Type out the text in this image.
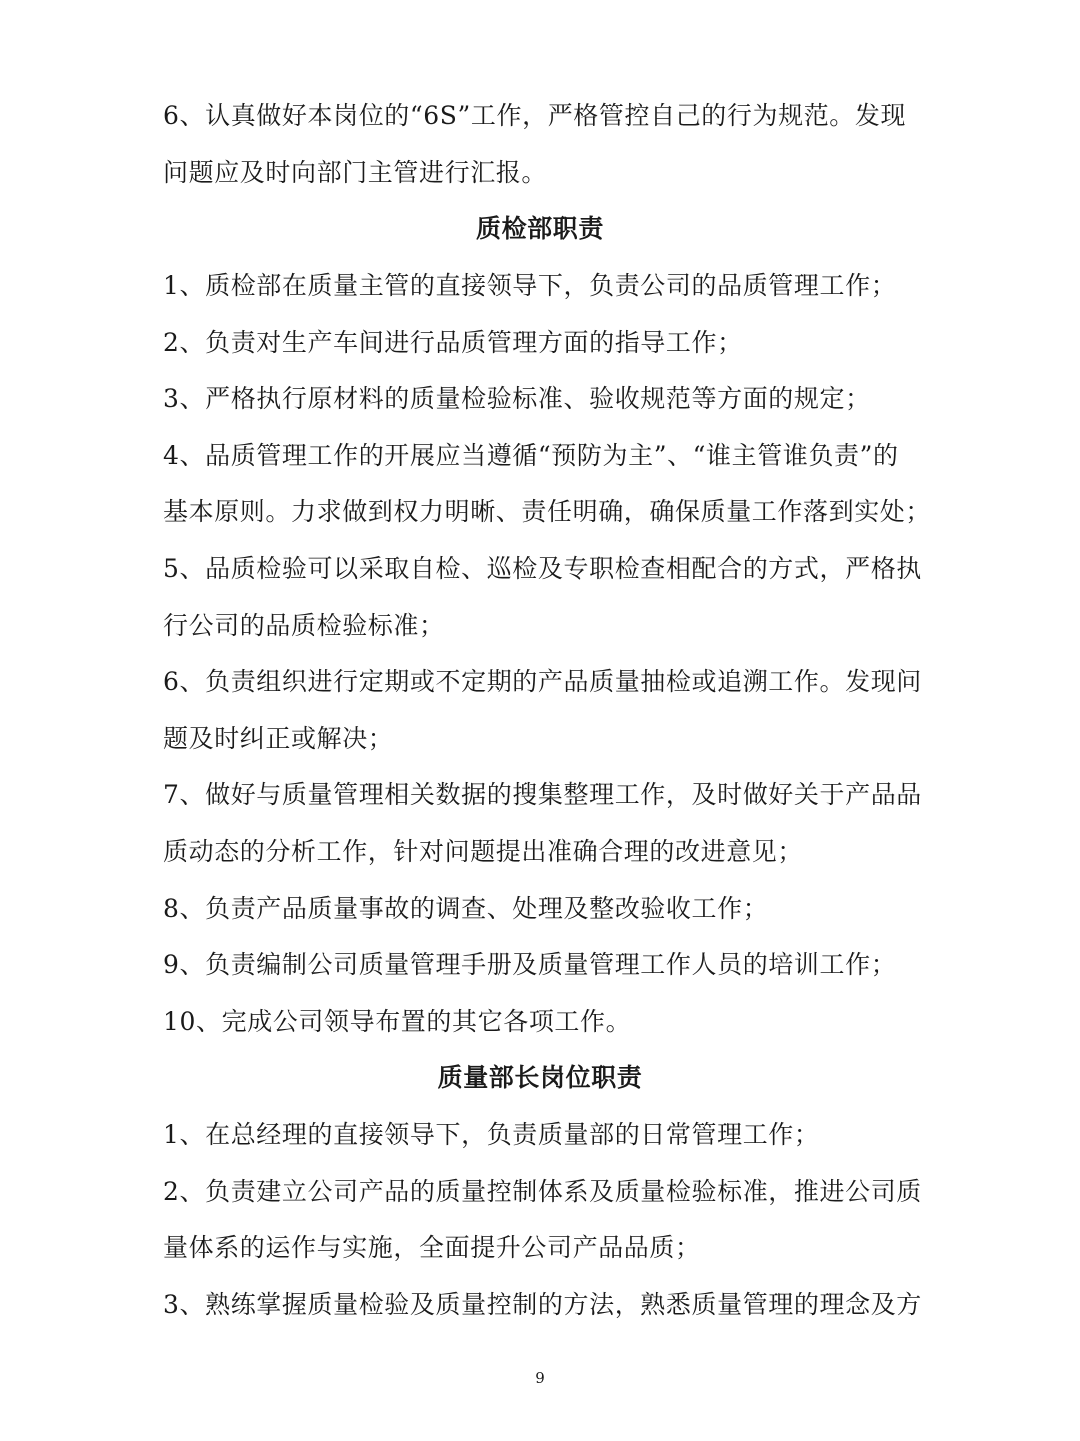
6、认真做好本岗位的“6S”工作，严格管控自己的行为规范。发现
问题应及时向部门主管进行汇报。
质检部职责
1、质检部在质量主管的直接领导下，负责公司的品质管理工作；
2、负责对生产车间进行品质管理方面的指导工作；
3、严格执行原材料的质量检验标准、验收规范等方面的规定；
4、品质管理工作的开展应当遵循“预防为主”、“谁主管谁负责”的
基本原则。力求做到权力明晰、责任明确，确保质量工作落到实处；
5、品质检验可以采取自检、巡检及专职检查相配合的方式，严格执
行公司的品质检验标准；
6、负责组织进行定期或不定期的产品质量抽检或追溯工作。发现问
题及时纠正或解决；
7、做好与质量管理相关数据的搜集整理工作，及时做好关于产品品
质动态的分析工作，针对问题提出准确合理的改进意见；
8、负责产品质量事故的调查、处理及整改验收工作；
9、负责编制公司质量管理手册及质量管理工作人员的培训工作；
10、完成公司领导布置的其它各项工作。
质量部长岗位职责
1、在总经理的直接领导下，负责质量部的日常管理工作；
2、负责建立公司产品的质量控制体系及质量检验标准，推进公司质
量体系的运作与实施，全面提升公司产品品质；
3、熟练掌握质量检验及质量控制的方法，熟悉质量管理的理念及方
9
